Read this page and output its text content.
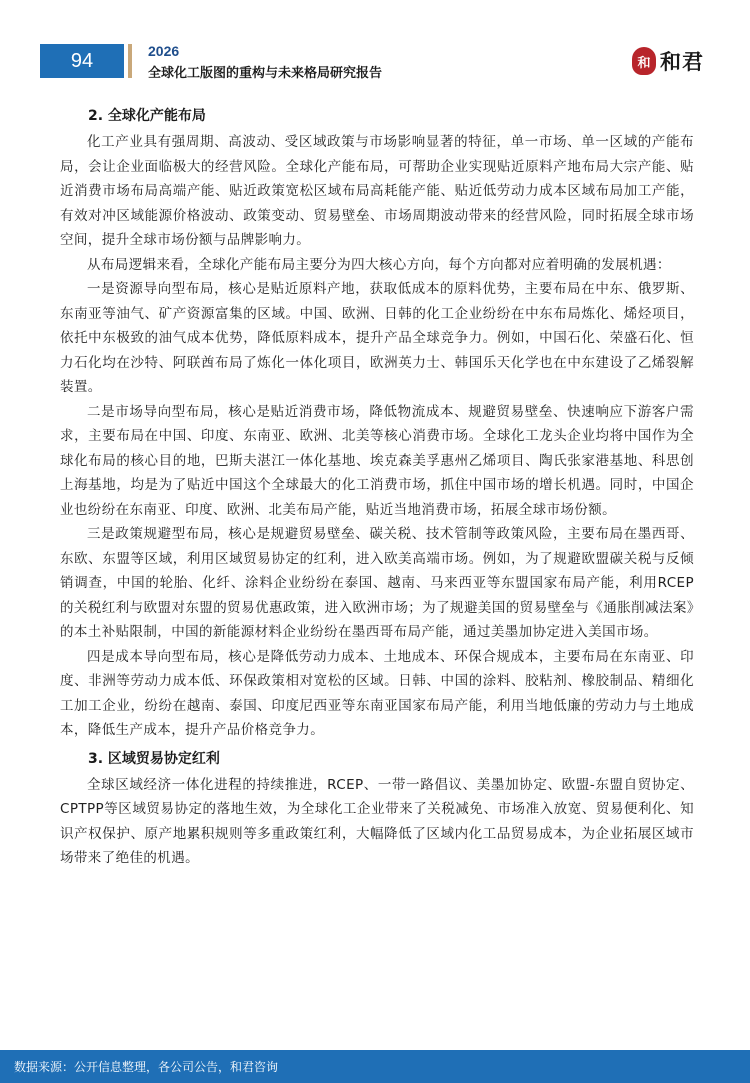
94	2026
全球化工版图的重构与未来格局研究报告
和 和君
2. 全球化产能布局

化工产业具有强周期、高波动、受区域政策与市场影响显著的特征，单一市场、单一区域的产能布局，会让企业面临极大的经营风险。全球化产能布局，可帮助企业实现贴近原料产地布局大宗产能、贴近消费市场布局高端产能、贴近政策宽松区域布局高耗能产能、贴近低劳动力成本区域布局加工产能，有效对冲区域能源价格波动、政策变动、贸易壁垒、市场周期波动带来的经营风险，同时拓展全球市场空间，提升全球市场份额与品牌影响力。

从布局逻辑来看，全球化产能布局主要分为四大核心方向，每个方向都对应着明确的发展机遇：

一是资源导向型布局，核心是贴近原料产地，获取低成本的原料优势，主要布局在中东、俄罗斯、东南亚等油气、矿产资源富集的区域。中国、欧洲、日韩的化工企业纷纷在中东布局炼化、烯烃项目，依托中东极致的油气成本优势，降低原料成本，提升产品全球竞争力。例如，中国石化、荣盛石化、恒力石化均在沙特、阿联酋布局了炼化一体化项目，欧洲英力士、韩国乐天化学也在中东建设了乙烯裂解装置。

二是市场导向型布局，核心是贴近消费市场，降低物流成本、规避贸易壁垒、快速响应下游客户需求，主要布局在中国、印度、东南亚、欧洲、北美等核心消费市场。全球化工龙头企业均将中国作为全球化布局的核心目的地，巴斯夫湛江一体化基地、埃克森美孚惠州乙烯项目、陶氏张家港基地、科思创上海基地，均是为了贴近中国这个全球最大的化工消费市场，抓住中国市场的增长机遇。同时，中国企业也纷纷在东南亚、印度、欧洲、北美布局产能，贴近当地消费市场，拓展全球市场份额。

三是政策规避型布局，核心是规避贸易壁垒、碳关税、技术管制等政策风险，主要布局在墨西哥、东欧、东盟等区域，利用区域贸易协定的红利，进入欧美高端市场。例如，为了规避欧盟碳关税与反倾销调查，中国的轮胎、化纤、涂料企业纷纷在泰国、越南、马来西亚等东盟国家布局产能，利用RCEP的关税红利与欧盟对东盟的贸易优惠政策，进入欧洲市场；为了规避美国的贸易壁垒与《通胀削减法案》的本土补贴限制，中国的新能源材料企业纷纷在墨西哥布局产能，通过美墨加协定进入美国市场。

四是成本导向型布局，核心是降低劳动力成本、土地成本、环保合规成本，主要布局在东南亚、印度、非洲等劳动力成本低、环保政策相对宽松的区域。日韩、中国的涂料、胶粘剂、橡胶制品、精细化工加工企业，纷纷在越南、泰国、印度尼西亚等东南亚国家布局产能，利用当地低廉的劳动力与土地成本，降低生产成本，提升产品价格竞争力。

3. 区域贸易协定红利

全球区域经济一体化进程的持续推进，RCEP、一带一路倡议、美墨加协定、欧盟-东盟自贸协定、CPTPP等区域贸易协定的落地生效，为全球化工企业带来了关税减免、市场准入放宽、贸易便利化、知识产权保护、原产地累积规则等多重政策红利，大幅降低了区域内化工品贸易成本，为企业拓展区域市场带来了绝佳的机遇。

数据来源：公开信息整理，各公司公告，和君咨询
